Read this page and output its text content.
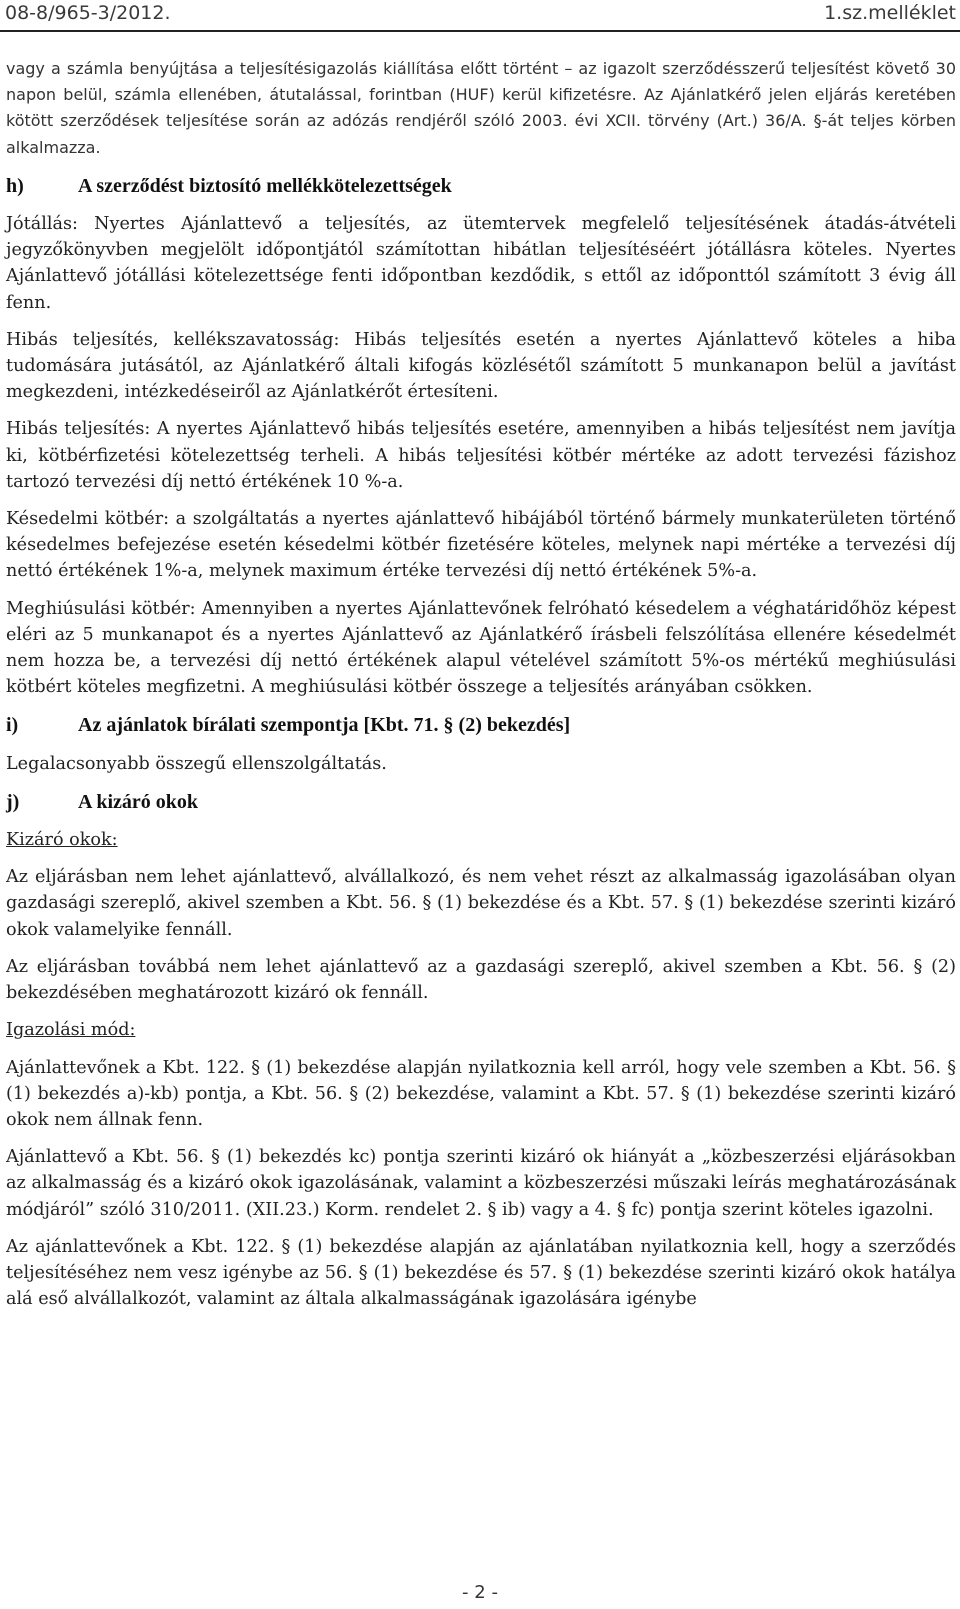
08-8/965-3/2012.	1.sz.melléklet

vagy a számla benyújtása a teljesítésigazolás kiállítása előtt történt – az igazolt szerződésszerű teljesítést követő 30 napon belül, számla ellenében, átutalással, forintban (HUF) kerül kifizetésre. Az Ajánlatkérő jelen eljárás keretében kötött szerződések teljesítése során az adózás rendjéről szóló 2003. évi XCII. törvény (Art.) 36/A. §-át teljes körben alkalmazza.

h)	A szerződést biztosító mellékkötelezettségek

Jótállás: Nyertes Ajánlattevő a teljesítés, az ütemtervek megfelelő teljesítésének átadás-átvételi jegyzőkönyvben megjelölt időpontjától számítottan hibátlan teljesítéséért jótállásra köteles. Nyertes Ajánlattevő jótállási kötelezettsége fenti időpontban kezdődik, s ettől az időponttól számított 3 évig áll fenn.

Hibás teljesítés, kellékszavatosság: Hibás teljesítés esetén a nyertes Ajánlattevő köteles a hiba tudomására jutásától, az Ajánlatkérő általi kifogás közlésétől számított 5 munkanapon belül a javítást megkezdeni, intézkedéseiről az Ajánlatkérőt értesíteni.

Hibás teljesítés: A nyertes Ajánlattevő hibás teljesítés esetére, amennyiben a hibás teljesítést nem javítja ki, kötbérfizetési kötelezettség terheli. A hibás teljesítési kötbér mértéke az adott tervezési fázishoz tartozó tervezési díj nettó értékének 10 %-a.

Késedelmi kötbér: a szolgáltatás a nyertes ajánlattevő hibájából történő bármely munkaterületen történő késedelmes befejezése esetén késedelmi kötbér fizetésére köteles, melynek napi mértéke a tervezési díj nettó értékének 1%-a, melynek maximum értéke tervezési díj nettó értékének 5%-a.

Meghiúsulási kötbér: Amennyiben a nyertes Ajánlattevőnek felróható késedelem a véghatáridőhöz képest eléri az 5 munkanapot és a nyertes Ajánlattevő az Ajánlatkérő írásbeli felszólítása ellenére késedelmét nem hozza be, a tervezési díj nettó értékének alapul vételével számított 5%-os mértékű meghiúsulási kötbért köteles megfizetni. A meghiúsulási kötbér összege a teljesítés arányában csökken.

i)	Az ajánlatok bírálati szempontja [Kbt. 71. § (2) bekezdés]

Legalacsonyabb összegű ellenszolgáltatás.

j)	A kizáró okok

Kizáró okok:

Az eljárásban nem lehet ajánlattevő, alvállalkozó, és nem vehet részt az alkalmasság igazolásában olyan gazdasági szereplő, akivel szemben a Kbt. 56. § (1) bekezdése és a Kbt. 57. § (1) bekezdése szerinti kizáró okok valamelyike fennáll.

Az eljárásban továbbá nem lehet ajánlattevő az a gazdasági szereplő, akivel szemben a Kbt. 56. § (2) bekezdésében meghatározott kizáró ok fennáll.

Igazolási mód:

Ajánlattevőnek a Kbt. 122. § (1) bekezdése alapján nyilatkoznia kell arról, hogy vele szemben a Kbt. 56. § (1) bekezdés a)-kb) pontja, a Kbt. 56. § (2) bekezdése, valamint a Kbt. 57. § (1) bekezdése szerinti kizáró okok nem állnak fenn.

Ajánlattevő a Kbt. 56. § (1) bekezdés kc) pontja szerinti kizáró ok hiányát a „közbeszerzési eljárásokban az alkalmasság és a kizáró okok igazolásának, valamint a közbeszerzési műszaki leírás meghatározásának módjáról” szóló 310/2011. (XII.23.) Korm. rendelet 2. § ib) vagy a 4. § fc) pontja szerint köteles igazolni.

Az ajánlattevőnek a Kbt. 122. § (1) bekezdése alapján az ajánlatában nyilatkoznia kell, hogy a szerződés teljesítéséhez nem vesz igénybe az 56. § (1) bekezdése és 57. § (1) bekezdése szerinti kizáró okok hatálya alá eső alvállalkozót, valamint az általa alkalmasságának igazolására igénybe

- 2 -
